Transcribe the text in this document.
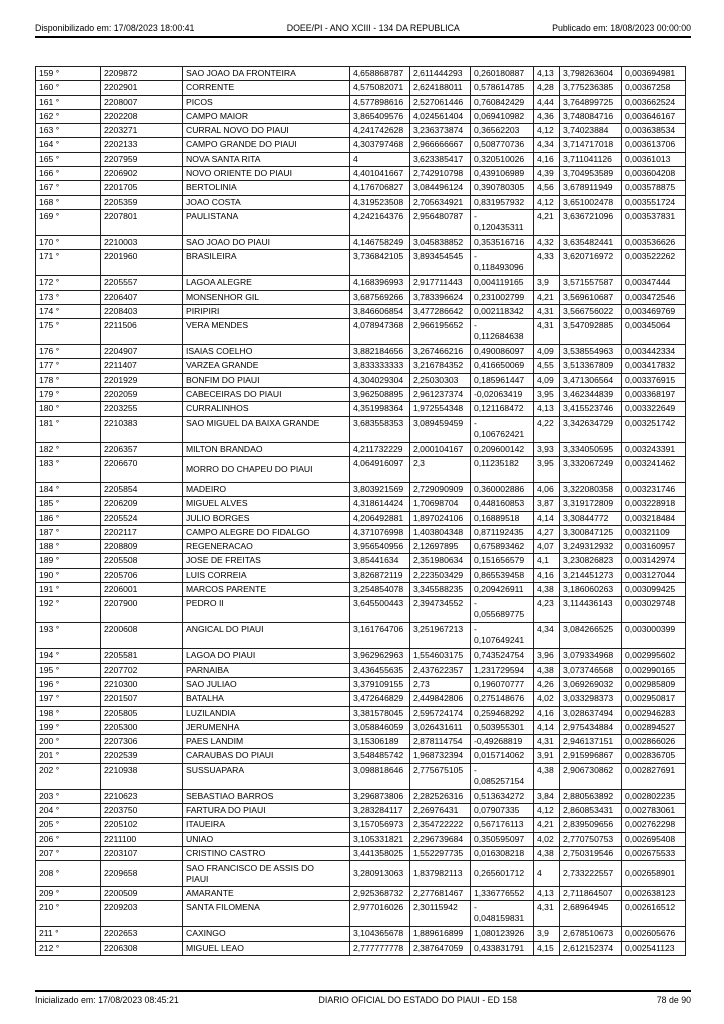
Disponibilizado em: 17/08/2023 18:00:41	DOEE/PI - ANO XCIII - 134 DA REPUBLICA	Publicado em: 18/08/2023 00:00:00
159 °	2209872	SAO JOAO DA FRONTEIRA	4,658868787	2,611444293	0,260180887	4,13	3,798263604	0,003694981
160 °	2202901	CORRENTE	4,575082071	2,624188011	0,578614785	4,28	3,775236385	0,00367258
161 °	2208007	PICOS	4,577898616	2,527061446	0,760842429	4,44	3,764899725	0,003662524
162 °	2202208	CAMPO MAIOR	3,865409576	4,024561404	0,069410982	4,36	3,748084716	0,003646167
163 °	2203271	CURRAL NOVO DO PIAUI	4,241742628	3,236373874	0,36562203	4,12	3,74023884	0,003638534
164 °	2202133	CAMPO GRANDE DO PIAUI	4,303797468	2,966666667	0,508770736	4,34	3,714717018	0,003613706
165 °	2207959	NOVA SANTA RITA	4	3,623385417	0,320510026	4,16	3,711041126	0,00361013
166 °	2206902	NOVO ORIENTE DO PIAUI	4,401041667	2,742910798	0,439106989	4,39	3,704953589	0,003604208
167 °	2201705	BERTOLINIA	4,176706827	3,084496124	0,390780305	4,56	3,678911949	0,003578875
168 °	2205359	JOAO COSTA	4,319523508	2,705634921	0,831957932	4,12	3,651002478	0,003551724
169 °	2207801	PAULISTANA	4,242164376	2,956480787	-
0,120435311	4,21	3,636721096	0,003537831
170 °	2210003	SAO JOAO DO PIAUI	4,146758249	3,045838852	0,353516716	4,32	3,635482441	0,003536626
171 °	2201960	BRASILEIRA	3,736842105	3,893454545	-
0,118493096	4,33	3,620716972	0,003522262
172 °	2205557	LAGOA ALEGRE	4,168396993	2,917711443	0,004119165	3,9	3,571557587	0,00347444
173 °	2206407	MONSENHOR GIL	3,687569266	3,783396624	0,231002799	4,21	3,569610687	0,003472546
174 °	2208403	PIRIPIRI	3,846606854	3,477286642	0,002118342	4,31	3,566756022	0,003469769
175 °	2211506	VERA MENDES	4,078947368	2,966195652	-
0,112684638	4,31	3,547092885	0,00345064
176 °	2204907	ISAIAS COELHO	3,882184656	3,267466216	0,490086097	4,09	3,538554963	0,003442334
177 °	2211407	VARZEA GRANDE	3,833333333	3,216784352	0,416650069	4,55	3,513367809	0,003417832
178 °	2201929	BONFIM DO PIAUI	4,304029304	2,25030303	0,185961447	4,09	3,471306564	0,003376915
179 °	2202059	CABECEIRAS DO PIAUI	3,962508895	2,961237374	-0,02063419	3,95	3,462344839	0,003368197
180 °	2203255	CURRALINHOS	4,351998364	1,972554348	0,121168472	4,13	3,415523746	0,003322649
181 °	2210383	SAO MIGUEL DA BAIXA GRANDE	3,683558353	3,089459459	-
0,106762421	4,22	3,342634729	0,003251742
182 °	2206357	MILTON BRANDAO	4,211732229	2,000104167	0,209600142	3,93	3,334050595	0,003243391
183 °	2206670	MORRO DO CHAPEU DO PIAUI	4,064916097	2,3	0,11235182	3,95	3,332067249	0,003241462
184 °	2205854	MADEIRO	3,803921569	2,729090909	0,360002886	4,06	3,322080358	0,003231746
185 °	2206209	MIGUEL ALVES	4,318614424	1,70698704	0,448160853	3,87	3,319172809	0,003228918
186 °	2205524	JULIO BORGES	4,206492881	1,897024106	0,16889518	4,14	3,30844772	0,003218484
187 °	2202117	CAMPO ALEGRE DO FIDALGO	4,371076998	1,403804348	0,871192435	4,27	3,300847125	0,00321109
188 °	2208809	REGENERACAO	3,956540956	2,12697895	0,675893462	4,07	3,249312932	0,003160957
189 °	2205508	JOSE DE FREITAS	3,85441634	2,351980634	0,151656579	4,1	3,230826823	0,003142974
190 °	2205706	LUIS CORREIA	3,826872119	2,223503429	0,865539458	4,16	3,214451273	0,003127044
191 °	2206001	MARCOS PARENTE	3,254854078	3,345588235	0,209426911	4,38	3,186060263	0,003099425
192 °	2207900	PEDRO II	3,645500443	2,394734552	-
0,055689775	4,23	3,114436143	0,003029748
193 °	2200608	ANGICAL DO PIAUI	3,161764706	3,251967213	-
0,107649241	4,34	3,084266525	0,003000399
194 °	2205581	LAGOA DO PIAUI	3,962962963	1,554603175	0,743524754	3,96	3,079334968	0,002995602
195 °	2207702	PARNAIBA	3,436455635	2,437622357	1,231729594	4,38	3,073746568	0,002990165
196 °	2210300	SAO JULIAO	3,379109155	2,73	0,196070777	4,26	3,069269032	0,002985809
197 °	2201507	BATALHA	3,472646829	2,449842806	0,275148676	4,02	3,033298373	0,002950817
198 °	2205805	LUZILANDIA	3,381578045	2,595724174	0,259468292	4,16	3,028637494	0,002946283
199 °	2205300	JERUMENHA	3,058846059	3,026431611	0,503955301	4,14	2,975434884	0,002894527
200 °	2207306	PAES LANDIM	3,15306189	2,878114754	-0,49268819	4,31	2,946137151	0,002866026
201 °	2202539	CARAUBAS DO PIAUI	3,548485742	1,968732394	0,015714062	3,91	2,915996867	0,002836705
202 °	2210938	SUSSUAPARA	3,098818646	2,775675105	-
0,085257154	4,38	2,906730862	0,002827691
203 °	2210623	SEBASTIAO BARROS	3,296873806	2,282526316	0,513634272	3,84	2,880563892	0,002802235
204 °	2203750	FARTURA DO PIAUI	3,283284117	2,26976431	0,07907335	4,12	2,860853431	0,002783061
205 °	2205102	ITAUEIRA	3,157056973	2,354722222	0,567176113	4,21	2,839509656	0,002762298
206 °	2211100	UNIAO	3,105331821	2,296739684	0,350595097	4,02	2,770750753	0,002695408
207 °	2203107	CRISTINO CASTRO	3,441358025	1,552297735	0,016308218	4,38	2,750319546	0,002675533
208 °	2209658	SAO FRANCISCO DE ASSIS DO
PIAUI	3,280913063	1,837982113	0,265601712	4	2,733222557	0,002658901
209 °	2200509	AMARANTE	2,925368732	2,277681467	1,336776552	4,13	2,711864507	0,002638123
210 °	2209203	SANTA FILOMENA	2,977016026	2,30115942	-
0,048159831	4,31	2,68964945	0,002616512
211 °	2202653	CAXINGO	3,104365678	1,889616899	1,080123926	3,9	2,678510673	0,002605676
212 °	2206308	MIGUEL LEAO	2,777777778	2,387647059	0,433831791	4,15	2,612152374	0,002541123
Inicializado em: 17/08/2023 08:45:21	DIARIO OFICIAL DO ESTADO DO PIAUI - ED 158	78 de 90
